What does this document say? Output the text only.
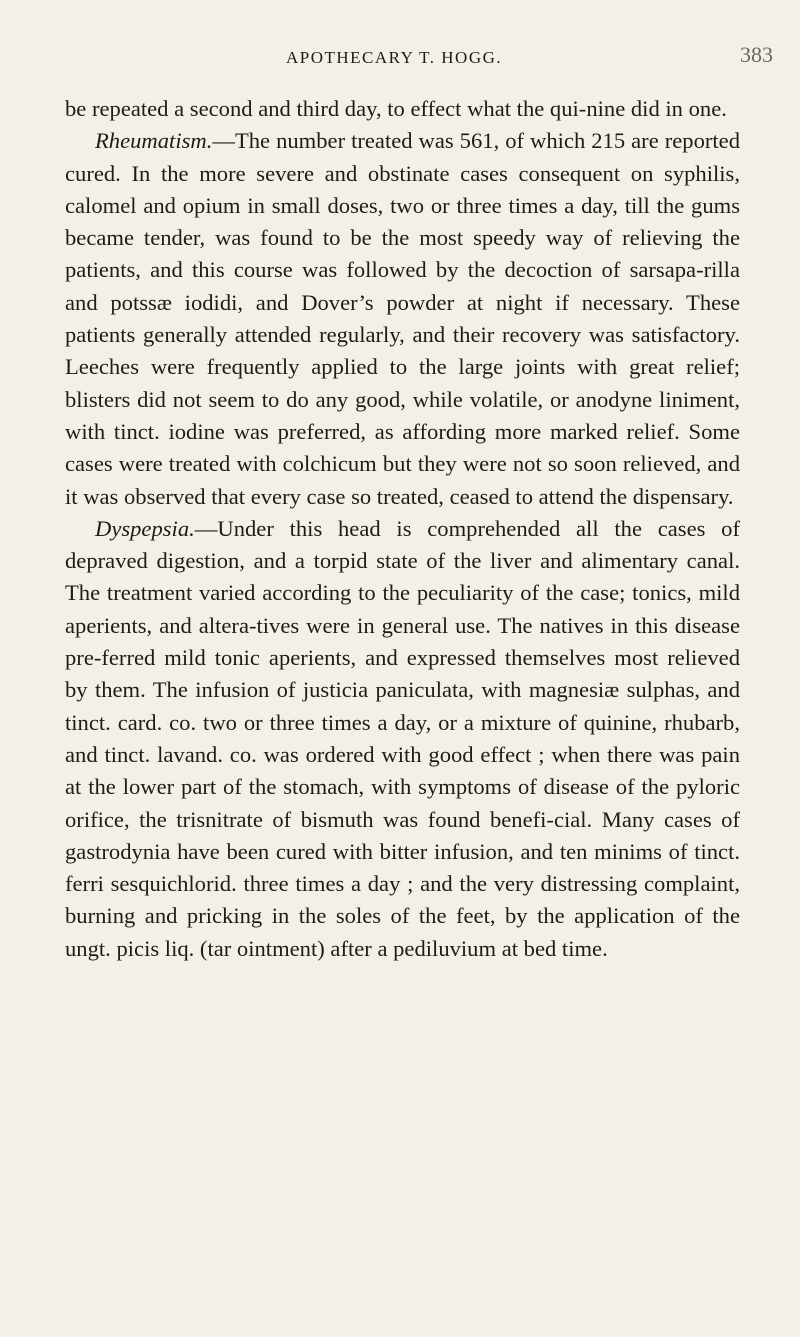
APOTHECARY T. HOGG.	383

be repeated a second and third day, to effect what the qui-nine did in one.

Rheumatism.—The number treated was 561, of which 215 are reported cured. In the more severe and obstinate cases consequent on syphilis, calomel and opium in small doses, two or three times a day, till the gums became tender, was found to be the most speedy way of relieving the patients, and this course was followed by the decoction of sarsapa-rilla and potssæ iodidi, and Dover’s powder at night if necessary. These patients generally attended regularly, and their recovery was satisfactory. Leeches were frequently applied to the large joints with great relief; blisters did not seem to do any good, while volatile, or anodyne liniment, with tinct. iodine was preferred, as affording more marked relief. Some cases were treated with colchicum but they were not so soon relieved, and it was observed that every case so treated, ceased to attend the dispensary.

Dyspepsia.—Under this head is comprehended all the cases of depraved digestion, and a torpid state of the liver and alimentary canal. The treatment varied according to the peculiarity of the case; tonics, mild aperients, and altera-tives were in general use. The natives in this disease pre-ferred mild tonic aperients, and expressed themselves most relieved by them. The infusion of justicia paniculata, with magnesiæ sulphas, and tinct. card. co. two or three times a day, or a mixture of quinine, rhubarb, and tinct. lavand. co. was ordered with good effect ; when there was pain at the lower part of the stomach, with symptoms of disease of the pyloric orifice, the trisnitrate of bismuth was found benefi-cial. Many cases of gastrodynia have been cured with bitter infusion, and ten minims of tinct. ferri sesquichlorid. three times a day ; and the very distressing complaint, burning and pricking in the soles of the feet, by the application of the ungt. picis liq. (tar ointment) after a pediluvium at bed time.
